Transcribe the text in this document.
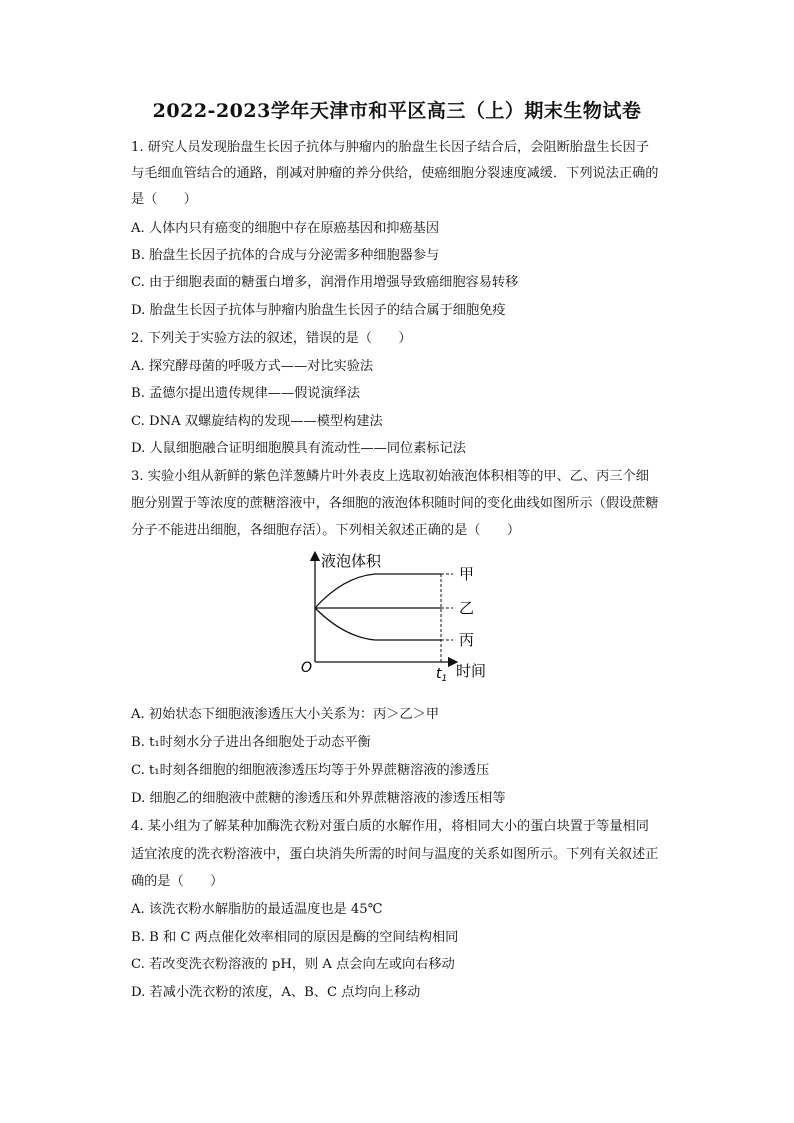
2022-2023学年天津市和平区高三（上）期末生物试卷
1. 研究人员发现胎盘生长因子抗体与肿瘤内的胎盘生长因子结合后，会阻断胎盘生长因子
与毛细血管结合的通路，削减对肿瘤的养分供给，使癌细胞分裂速度减缓．下列说法正确的
是（　　）
A. 人体内只有癌变的细胞中存在原癌基因和抑癌基因
B. 胎盘生长因子抗体的合成与分泌需多种细胞器参与
C. 由于细胞表面的糖蛋白增多，润滑作用增强导致癌细胞容易转移
D. 胎盘生长因子抗体与肿瘤内胎盘生长因子的结合属于细胞免疫
2. 下列关于实验方法的叙述，错误的是（　　）
A. 探究酵母菌的呼吸方式——对比实验法
B. 孟德尔提出遗传规律——假说演绎法
C. DNA 双螺旋结构的发现——模型构建法
D. 人鼠细胞融合证明细胞膜具有流动性——同位素标记法
3. 实验小组从新鲜的紫色洋葱鳞片叶外表皮上选取初始液泡体积相等的甲、乙、丙三个细
胞分别置于等浓度的蔗糖溶液中，各细胞的液泡体积随时间的变化曲线如图所示（假设蔗糖
分子不能进出细胞，各细胞存活）。下列相关叙述正确的是（　　）
液泡体积
甲
乙
丙
O	$t_1$ 时间
A. 初始状态下细胞液渗透压大小关系为：丙＞乙＞甲
B. t₁时刻水分子进出各细胞处于动态平衡
C. t₁时刻各细胞的细胞液渗透压均等于外界蔗糖溶液的渗透压
D. 细胞乙的细胞液中蔗糖的渗透压和外界蔗糖溶液的渗透压相等
4. 某小组为了解某种加酶洗衣粉对蛋白质的水解作用，将相同大小的蛋白块置于等量相同
适宜浓度的洗衣粉溶液中，蛋白块消失所需的时间与温度的关系如图所示。下列有关叙述正
确的是（　　）
A. 该洗衣粉水解脂肪的最适温度也是 45℃
B. B 和 C 两点催化效率相同的原因是酶的空间结构相同
C. 若改变洗衣粉溶液的 pH，则 A 点会向左或向右移动
D. 若减小洗衣粉的浓度，A、B、C 点均向上移动
